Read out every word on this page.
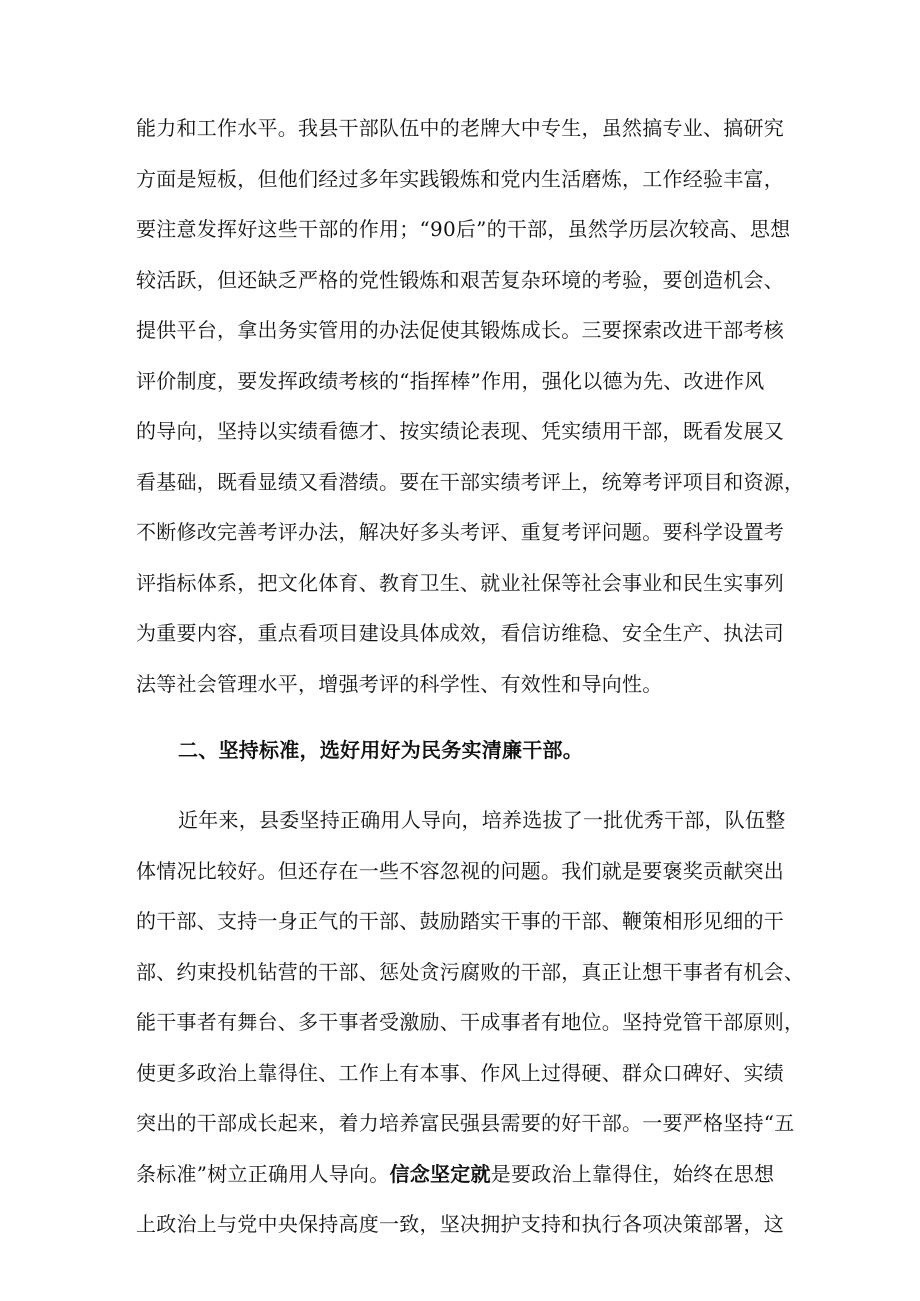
能力和工作水平。我县干部队伍中的老牌大中专生，虽然搞专业、搞研究
方面是短板，但他们经过多年实践锻炼和党内生活磨炼，工作经验丰富，
要注意发挥好这些干部的作用；“90后”的干部，虽然学历层次较高、思想
较活跃，但还缺乏严格的党性锻炼和艰苦复杂环境的考验，要创造机会、
提供平台，拿出务实管用的办法促使其锻炼成长。三要探索改进干部考核
评价制度，要发挥政绩考核的“指挥棒”作用，强化以德为先、改进作风
的导向，坚持以实绩看德才、按实绩论表现、凭实绩用干部，既看发展又
看基础，既看显绩又看潜绩。要在干部实绩考评上，统筹考评项目和资源，
不断修改完善考评办法，解决好多头考评、重复考评问题。要科学设置考
评指标体系，把文化体育、教育卫生、就业社保等社会事业和民生实事列
为重要内容，重点看项目建设具体成效，看信访维稳、安全生产、执法司
法等社会管理水平，增强考评的科学性、有效性和导向性。
二、坚持标准，选好用好为民务实清廉干部。
近年来，县委坚持正确用人导向，培养选拔了一批优秀干部，队伍整
体情况比较好。但还存在一些不容忽视的问题。我们就是要褒奖贡献突出
的干部、支持一身正气的干部、鼓励踏实干事的干部、鞭策相形见细的干
部、约束投机钻营的干部、惩处贪污腐败的干部，真正让想干事者有机会、
能干事者有舞台、多干事者受激励、干成事者有地位。坚持党管干部原则，
使更多政治上靠得住、工作上有本事、作风上过得硬、群众口碑好、实绩
突出的干部成长起来，着力培养富民强县需要的好干部。一要严格坚持“五
条标准”树立正确用人导向。信念坚定就是要政治上靠得住，始终在思想
上政治上与党中央保持高度一致，坚决拥护支持和执行各项决策部署，这
